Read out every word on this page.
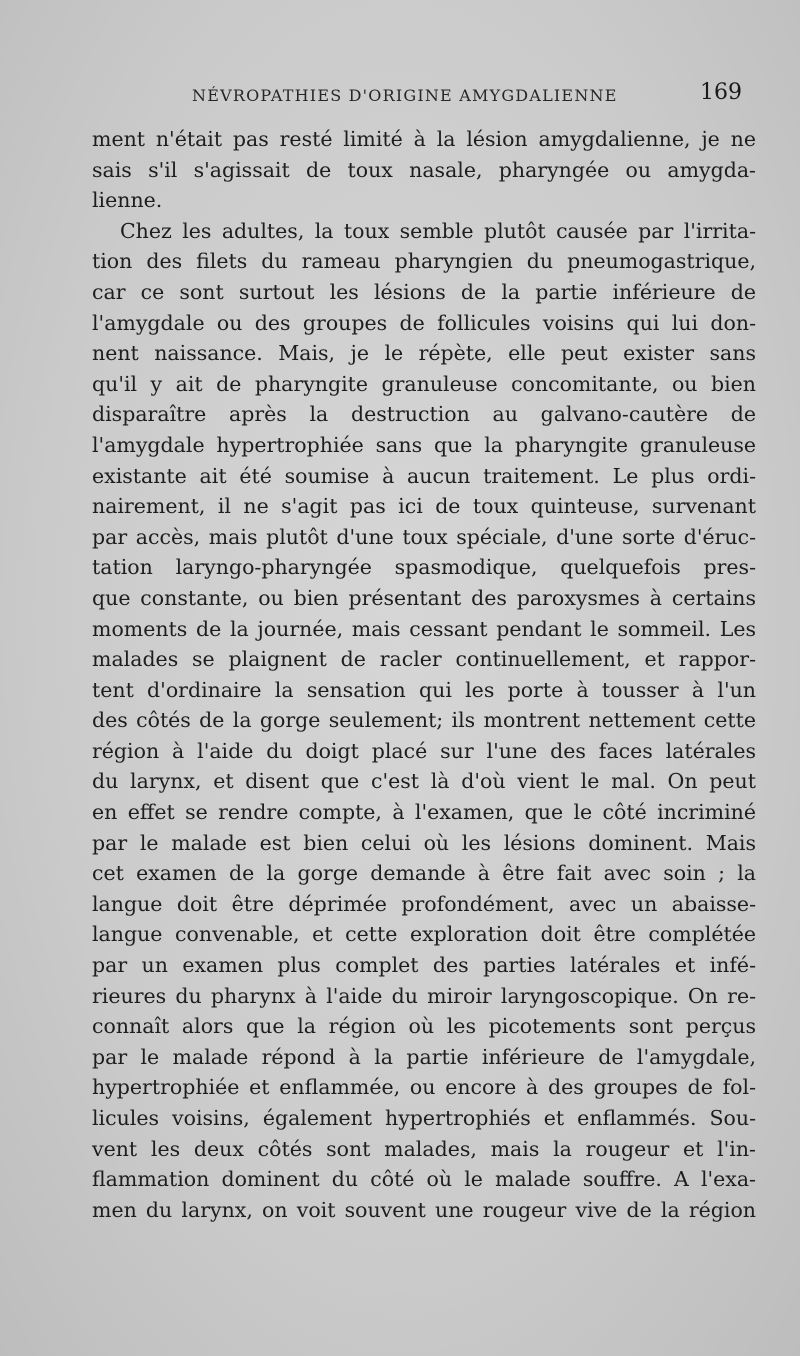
NÉVROPATHIES D'ORIGINE AMYGDALIENNE	169
ment n'était pas resté limité à la lésion amygdalienne, je ne
sais s'il s'agissait de toux nasale, pharyngée ou amygda-
lienne.
Chez les adultes, la toux semble plutôt causée par l'irrita-
tion des filets du rameau pharyngien du pneumogastrique,
car ce sont surtout les lésions de la partie inférieure de
l'amygdale ou des groupes de follicules voisins qui lui don-
nent naissance. Mais, je le répète, elle peut exister sans
qu'il y ait de pharyngite granuleuse concomitante, ou bien
disparaître après la destruction au galvano-cautère de
l'amygdale hypertrophiée sans que la pharyngite granuleuse
existante ait été soumise à aucun traitement. Le plus ordi-
nairement, il ne s'agit pas ici de toux quinteuse, survenant
par accès, mais plutôt d'une toux spéciale, d'une sorte d'éruc-
tation laryngo-pharyngée spasmodique, quelquefois pres-
que constante, ou bien présentant des paroxysmes à certains
moments de la journée, mais cessant pendant le sommeil. Les
malades se plaignent de racler continuellement, et rappor-
tent d'ordinaire la sensation qui les porte à tousser à l'un
des côtés de la gorge seulement; ils montrent nettement cette
région à l'aide du doigt placé sur l'une des faces latérales
du larynx, et disent que c'est là d'où vient le mal. On peut
en effet se rendre compte, à l'examen, que le côté incriminé
par le malade est bien celui où les lésions dominent. Mais
cet examen de la gorge demande à être fait avec soin ; la
langue doit être déprimée profondément, avec un abaisse-
langue convenable, et cette exploration doit être complétée
par un examen plus complet des parties latérales et infé-
rieures du pharynx à l'aide du miroir laryngoscopique. On re-
connaît alors que la région où les picotements sont perçus
par le malade répond à la partie inférieure de l'amygdale,
hypertrophiée et enflammée, ou encore à des groupes de fol-
licules voisins, également hypertrophiés et enflammés. Sou-
vent les deux côtés sont malades, mais la rougeur et l'in-
flammation dominent du côté où le malade souffre. A l'exa-
men du larynx, on voit souvent une rougeur vive de la région
